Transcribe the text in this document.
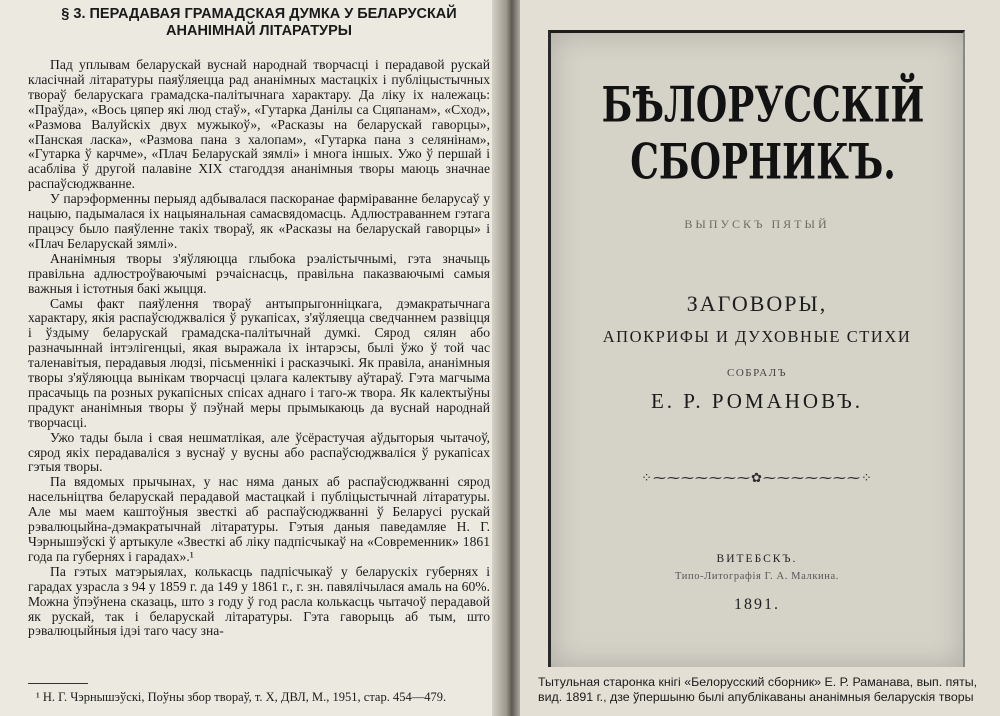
§ 3. ПЕРАДАВАЯ ГРАМАДСКАЯ ДУМКА У БЕЛАРУСКАЙ
АНАНІМНАЙ ЛІТАРАТУРЫ

Пад уплывам беларускай вуснай народнай творчасці і перадавой рускай класічнай літаратуры паяўляецца рад ананімных мастацкіх і публіцыстычных твораў беларускага грамадска-палітычнага характару. Да ліку іх належаць: «Праўда», «Вось цяпер які люд стаў», «Гутарка Данілы са Сцяпанам», «Сход», «Размова Валуйскіх двух мужыкоў», «Расказы на беларускай гаворцы», «Панская ласка», «Размова пана з халопам», «Гутарка пана з селянінам», «Гутарка ў карчме», «Плач Беларускай зямлі» і многа іншых. Ужо ў першай і асабліва ў другой палавіне XIX стагоддзя ананімныя творы маюць значнае распаўсюджванне.

У парэформенны перыяд адбывалася паскоранае фарміраванне беларусаў у нацыю, падымалася іх нацыянальная самасвядомасць. Адлюстраваннем гэтага працэсу было паяўленне такіх твораў, як «Расказы на беларускай гаворцы» і «Плач Беларускай зямлі».

Ананімныя творы з'яўляюцца глыбока рэалістычнымі, гэта значыць правільна адлюстроўваючымі рэчаіснасць, правільна паказваючымі самыя важныя і істотныя бакі жыцця.

Самы факт паяўлення твораў антыпрыгоннiцкага, дэмакратычнага характару, якія распаўсюджваліся ў рукапісах, з'яўляецца сведчаннем развіцця і ўздыму беларускай грамадска-палітычнай думкі. Сярод сялян або разначыннай інтэлігенцыі, якая выражала іх інтарэсы, былі ўжо ў той час таленавітыя, перадавыя людзі, пісьменнікі і расказчыкі. Як правіла, ананімныя творы з'яўляюцца вынікам творчасці цэлага калектыву аўтараў. Гэта магчыма прасачыць па розных рукапісных спісах аднаго і таго-ж твора. Як калектыўны прадукт ананімныя творы ў пэўнай меры прымыкаюць да вуснай народнай творчасці.

Ужо тады была і свая нешматлікая, але ўсёрастучая аўдыторыя чытачоў, сярод якіх перадаваліся з вуснаў у вусны або распаўсюджваліся ў рукапісах гэтыя творы.

Па вядомых прычынах, у нас няма даных аб распаўсюджванні сярод насельніцтва беларускай перадавой мастацкай і публіцыстычнай літаратуры. Але мы маем каштоўныя звесткі аб распаўсюджванні ў Беларусі рускай рэвалюцыйна-дэмакратычнай літаратуры. Гэтыя даныя паведамляе Н. Г. Чэрнышэўскі ў артыкуле «Звесткі аб ліку падпісчыкаў на «Современник» 1861 года па губернях і гарадах».¹

Па гэтых матэрыялах, колькасць падпісчыкаў у беларускіх губернях і гарадах узрасла з 94 у 1859 г. да 149 у 1861 г., г. зн. павялічылася амаль на 60%. Можна ўпэўнена сказаць, што з году ў год расла колькасць чытачоў перадавой як рускай, так і беларускай літаратуры. Гэта гаворыць аб тым, што рэвалюцыйныя ідэі таго часу зна-

¹ Н. Г. Чэрнышэўскі, Поўны збор твораў, т. X, ДВЛ, М., 1951, стар. 454—479.

БѢЛОРУССКІЙ СБОРНИКЪ.
ВЫПУСКЪ ПЯТЫЙ
ЗАГОВОРЫ,
АПОКРИФЫ И ДУХОВНЫЕ СТИХИ
СОБРАЛЪ
Е. Р. РОМАНОВЪ.
⁘⁓⁓⁓⁓⁓⁓⁓✿⁓⁓⁓⁓⁓⁓⁓⁘
ВИТЕБСКЪ.
Типо-Литографія Г. А. Малкина.
1891.

Тытульная старонка кнігі «Белорусский сборник» Е. Р. Раманава, вып. пяты, вид. 1891 г., дзе ўпершыню былі апублікаваны ананімныя беларускія творы
